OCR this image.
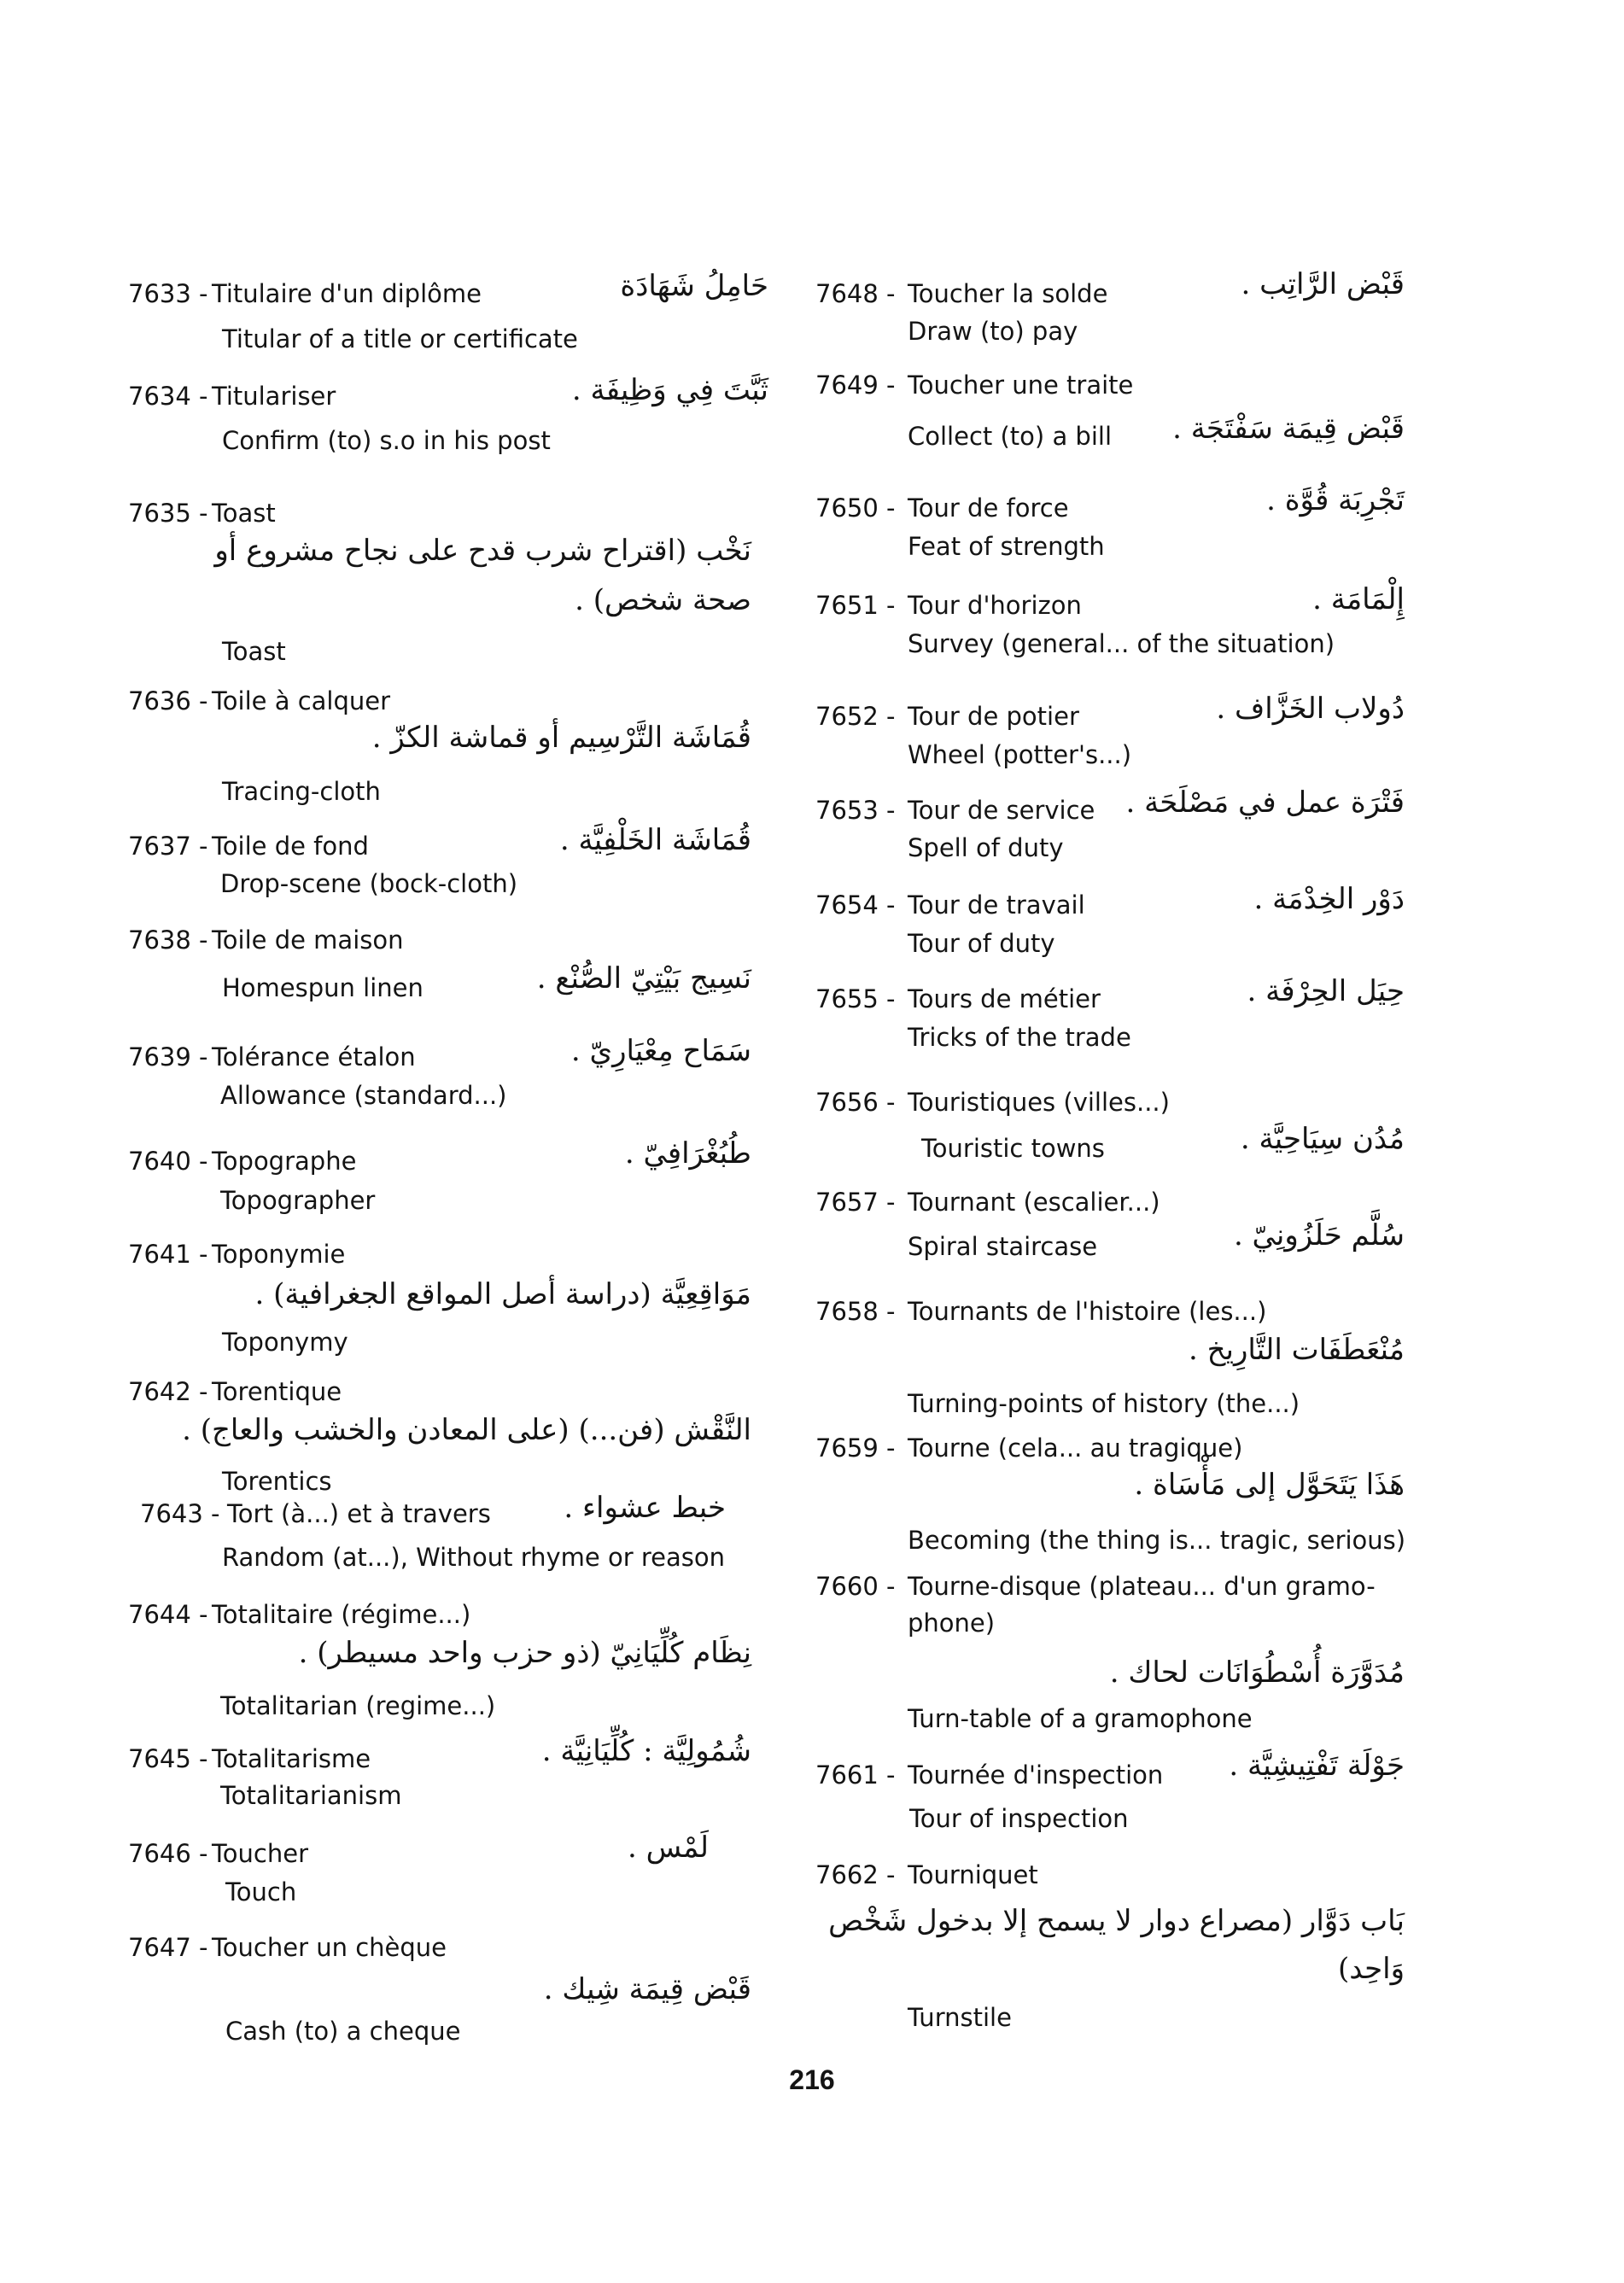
7633 - Titulaire d'un diplôme	حَامِلُ شَهَادَة
Titular of a title or certificate
7634 - Titulariser	ثَبَّتَ فِي وَظِيفَة .
Confirm (to) s.o in his post
7635 - Toast
نَخْب (اقتراح شرب قدح على نجاح مشروع أو صحة شخص) .
Toast
7636 - Toile à calquer
قُمَاشَة التَّرْسِيم أو قماشة الكزّ .
Tracing-cloth
7637 - Toile de fond	قُمَاشَة الخَلْفِيَّة .
Drop-scene (bock-cloth)
7638 - Toile de maison
نَسِيج بَيْتِيّ الصُّنْع .
Homespun linen
7639 - Tolérance étalon	سَمَاح مِعْيَارِيّ .
Allowance (standard...)
7640 - Topographe	طُبُغْرَافِيّ .
Topographer
7641 - Toponymie
مَوَاقِعِيَّة (دراسة أصل المواقع الجغرافية) .
Toponymy
7642 - Torentique
النَّقْش (فن...) (على المعادن والخشب والعاج) .
Torentics
7643 - Tort (à...) et à travers	خبط عشواء .
Random (at...), Without rhyme or reason
7644 - Totalitaire (régime...)
نِظَام كُلِّيَانِيّ (ذو حزب واحد مسيطر) .
Totalitarian (regime...)
7645 - Totalitarisme	شُمُولِيَّة : كُلِّيَانِيَّة .
Totalitarianism
7646 - Toucher	لَمْس .
Touch
7647 - Toucher un chèque
قَبْض قِيمَة شِيك .
Cash (to) a cheque
7648 - Toucher la solde	قَبْض الرَّاتِب .
Draw (to) pay
7649 - Toucher une traite
قَبْض قِيمَة سَفْتَجَة .
Collect (to) a bill
7650 - Tour de force	تَجْرِبَة قُوَّة .
Feat of strength
7651 - Tour d'horizon	إِلْمَامَة .
Survey (general... of the situation)
7652 - Tour de potier	دُولاب الخَزَّاف .
Wheel (potter's...)
7653 - Tour de service فَتْرَة عمل في مَصْلَحَة .
Spell of duty
7654 - Tour de travail	دَوْر الخِدْمَة .
Tour of duty
7655 - Tours de métier	حِيَل الحِرْفَة .
Tricks of the trade
7656 - Touristiques (villes...)
مُدُن سِيَاحِيَّة .
Touristic towns
7657 - Tournant (escalier...)
سُلَّم حَلَزُونِيّ .
Spiral staircase
7658 - Tournants de l'histoire (les...)
مُنْعَطَفَات التَّارِيخ .
Turning-points of history (the...)
7659 - Tourne (cela... au tragique)
هَذَا يَتَحَوَّل إلى مَأْسَاة .
Becoming (the thing is... tragic, serious)
7660 - Tourne-disque (plateau... d'un gramo-
phone)
مُدَوَّرَة أُسْطُوَانَات لحاك .
Turn-table of a gramophone
7661 - Tournée d'inspection جَوْلَة تَفْتِيشِيَّة .
Tour of inspection
7662 - Tourniquet
بَاب دَوَّار (مصراع دوار لا يسمح إلا بدخول شَخْص وَاحِد)
Turnstile
216
